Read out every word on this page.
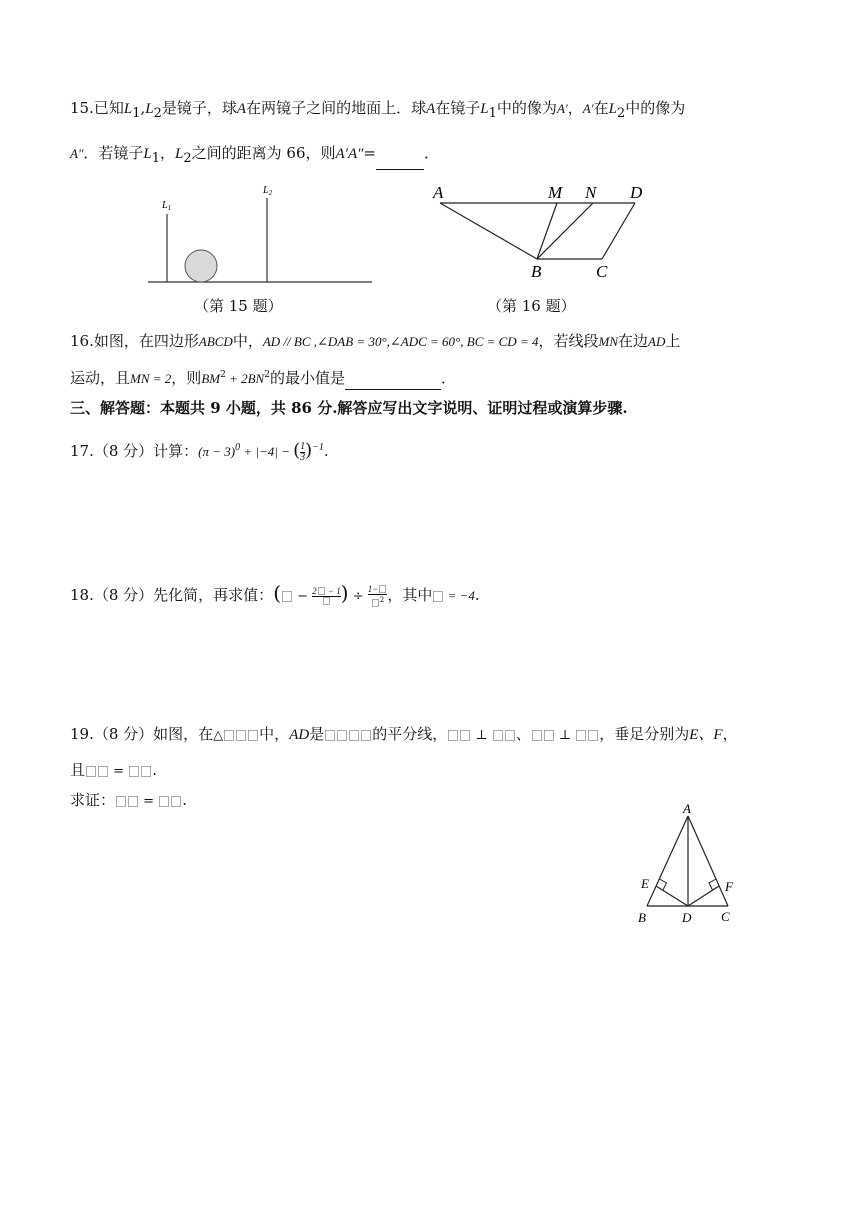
15.已知$L_1,L_2$是镜子，球A在两镜子之间的地面上．球A在镜子$L_1$中的像为A′，A′在$L_2$中的像为
A″．若镜子$L_1$，$L_2$之间的距离为 66，则A′A″=	．
$L_1$
$L_2$
（第 15 题）
A	M N D
B	C
（第 16 题）
16.如图，在四边形ABCD中，AD // BC ,∠DAB = 30°,∠ADC = 60°, BC = CD = 4，若线段MN在边AD上
运动，且MN = 2，则$BM^2 + 2BN^2$的最小值是	．
三、解答题：本题共 9 小题，共 86 分.解答应写出文字说明、证明过程或演算步骤.
17.（8 分）计算：$(\pi - 3)^0 + |-4|$ − ( $\frac{1}{3} )^{-1}$.
18.（8 分）先化简，再求值：( − 2 − 1 ) ÷ $\frac{1-}{^2}$ ，其中 = −4.
19.（8 分）如图，在△ 中，AD是	的平分线， ⊥ 、 ⊥ ，垂足分别为E、F，
且 = .
求证： = .	A
E	F
B	D C
